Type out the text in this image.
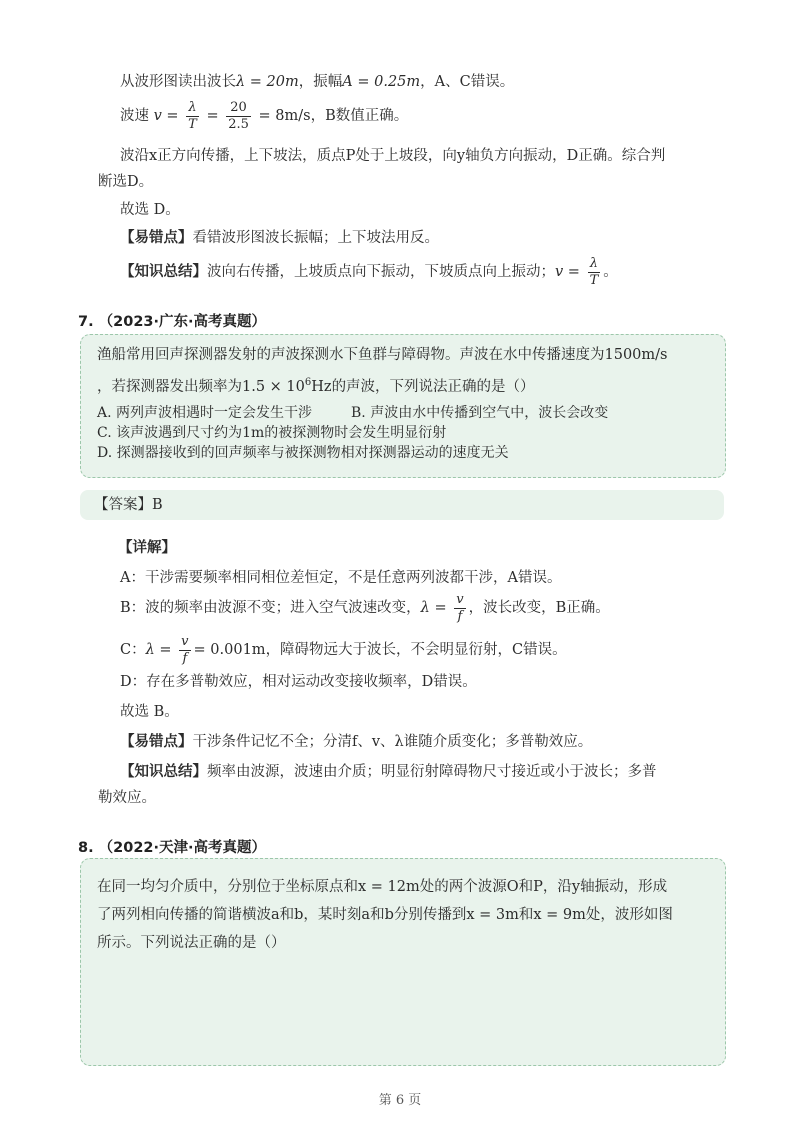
从波形图读出波长λ = 20m，振幅A = 0.25m，A、C错误。
波速 $v = \frac{\lambda}{T} = \frac{20}{2.5} = 8m/s$，B数值正确。
波沿x正方向传播，上下坡法，质点P处于上坡段，向y轴负方向振动，D正确。综合判
断选D。
故选 D。
【易错点】看错波形图波长振幅；上下坡法用反。
【知识总结】波向右传播，上坡质点向下振动，下坡质点向上振动；$v = \frac{\lambda}{T}$ 。
7. （2023·广东·高考真题）
渔船常用回声探测器发射的声波探测水下鱼群与障碍物。声波在水中传播速度为1500m/s
，若探测器发出频率为$1.5 \times 10^6Hz$的声波，下列说法正确的是（）
A. 两列声波相遇时一定会发生干涉	B. 声波由水中传播到空气中，波长会改变
C. 该声波遇到尺寸约为1m的被探测物时会发生明显衍射
D. 探测器接收到的回声频率与被探测物相对探测器运动的速度无关
【答案】B
【详解】
A：干涉需要频率相同相位差恒定，不是任意两列波都干涉，A错误。
B：波的频率由波源不变；进入空气波速改变，$\lambda = \frac{v}{f}$ ，波长改变，B正确。
C：$\lambda = \frac{v}{f} = 0.001m$，障碍物远大于波长，不会明显衍射，C错误。
D：存在多普勒效应，相对运动改变接收频率，D错误。
故选 B。
【易错点】干涉条件记忆不全；分清f、v、λ谁随介质变化；多普勒效应。
【知识总结】频率由波源，波速由介质；明显衍射障碍物尺寸接近或小于波长；多普
勒效应。
8. （2022·天津·高考真题）
在同一均匀介质中，分别位于坐标原点和x = 12m处的两个波源O和P，沿y轴振动，形成
了两列相向传播的简谐横波a和b，某时刻a和b分别传播到x = 3m和x = 9m处，波形如图
所示。下列说法正确的是（）
第 6 页
